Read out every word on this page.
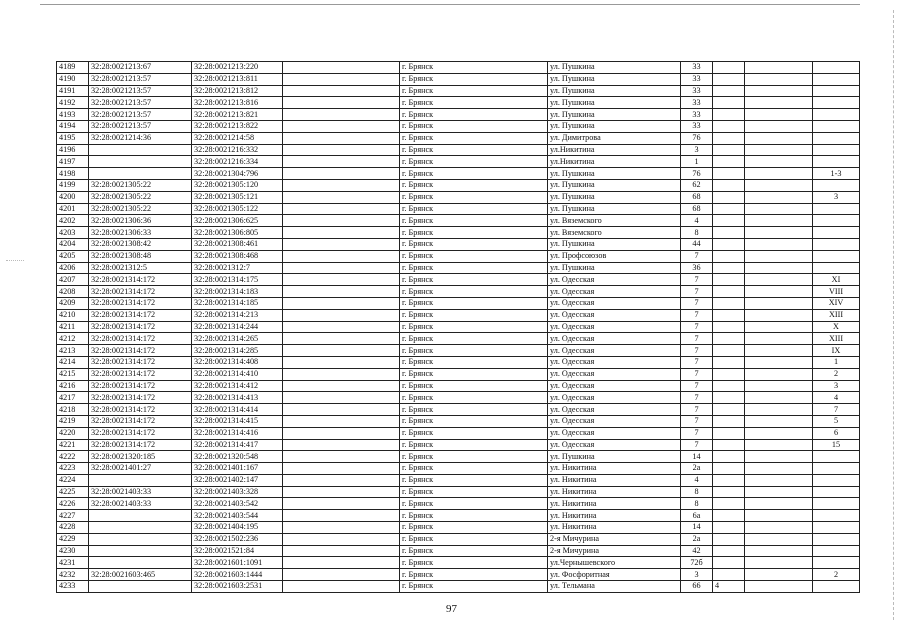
4189	32:28:0021213:67	32:28:0021213:220		г. Брянск	ул. Пушкина	33			
4190	32:28:0021213:57	32:28:0021213:811		г. Брянск	ул. Пушкина	33			
4191	32:28:0021213:57	32:28:0021213:812		г. Брянск	ул. Пушкина	33			
4192	32:28:0021213:57	32:28:0021213:816		г. Брянск	ул. Пушкина	33			
4193	32:28:0021213:57	32:28:0021213:821		г. Брянск	ул. Пушкина	33			
4194	32:28:0021213:57	32:28:0021213:822		г. Брянск	ул. Пушкина	33			
4195	32:28:0021214:36	32:28:0021214:58		г. Брянск	ул. Димитрова	76			
4196		32:28:0021216:332		г. Брянск	ул.Никитина	3			
4197		32:28:0021216:334		г. Брянск	ул.Никитина	1			
4198		32:28:0021304:796		г. Брянск	ул. Пушкина	76			1-3
4199	32:28:0021305:22	32:28:0021305:120		г. Брянск	ул. Пушкина	62			
4200	32:28:0021305:22	32:28:0021305:121		г. Брянск	ул. Пушкина	68			3
4201	32:28:0021305:22	32:28:0021305:122		г. Брянск	ул. Пушкина	68			
4202	32:28:0021306:36	32:28:0021306:625		г. Брянск	ул. Вяземского	4			
4203	32:28:0021306:33	32:28:0021306:805		г. Брянск	ул. Вяземского	8			
4204	32:28:0021308:42	32:28:0021308:461		г. Брянск	ул. Пушкина	44			
4205	32:28:0021308:48	32:28:0021308:468		г. Брянск	ул. Профсоюзов	7			
4206	32:28:0021312:5	32:28:0021312:7		г. Брянск	ул. Пушкина	36			
4207	32:28:0021314:172	32:28:0021314:175		г. Брянск	ул. Одесская	7			XI
4208	32:28:0021314:172	32:28:0021314:183		г. Брянск	ул. Одесская	7			VIII
4209	32:28:0021314:172	32:28:0021314:185		г. Брянск	ул. Одесская	7			XIV
4210	32:28:0021314:172	32:28:0021314:213		г. Брянск	ул. Одесская	7			XIII
4211	32:28:0021314:172	32:28:0021314:244		г. Брянск	ул. Одесская	7			X
4212	32:28:0021314:172	32:28:0021314:265		г. Брянск	ул. Одесская	7			XIII
4213	32:28:0021314:172	32:28:0021314:285		г. Брянск	ул. Одесская	7			IX
4214	32:28:0021314:172	32:28:0021314:408		г. Брянск	ул. Одесская	7			1
4215	32:28:0021314:172	32:28:0021314:410		г. Брянск	ул. Одесская	7			2
4216	32:28:0021314:172	32:28:0021314:412		г. Брянск	ул. Одесская	7			3
4217	32:28:0021314:172	32:28:0021314:413		г. Брянск	ул. Одесская	7			4
4218	32:28:0021314:172	32:28:0021314:414		г. Брянск	ул. Одесская	7			7
4219	32:28:0021314:172	32:28:0021314:415		г. Брянск	ул. Одесская	7			5
4220	32:28:0021314:172	32:28:0021314:416		г. Брянск	ул. Одесская	7			6
4221	32:28:0021314:172	32:28:0021314:417		г. Брянск	ул. Одесская	7			15
4222	32:28:0021320:185	32:28:0021320:548		г. Брянск	ул. Пушкина	14			
4223	32:28:0021401:27	32:28:0021401:167		г. Брянск	ул. Никитина	2а			
4224		32:28:0021402:147		г. Брянск	ул. Никитина	4			
4225	32:28:0021403:33	32:28:0021403:328		г. Брянск	ул. Никитина	8			
4226	32:28:0021403:33	32:28:0021403:542		г. Брянск	ул. Никитина	8			
4227		32:28:0021403:544		г. Брянск	ул. Никитина	6а			
4228		32:28:0021404:195		г. Брянск	ул. Никитина	14			
4229		32:28:0021502:236		г. Брянск	2-я Мичурина	2а			
4230		32:28:0021521:84		г. Брянск	2-я Мичурина	42			
4231		32:28:0021601:1091		г. Брянск	ул.Чернышевского	72б			
4232	32:28:0021603:465	32:28:0021603:1444		г. Брянск	ул. Фосфоритная	3			2
4233		32:28:0021603:2531		г. Брянск	ул. Тельмана	66	4		
97
